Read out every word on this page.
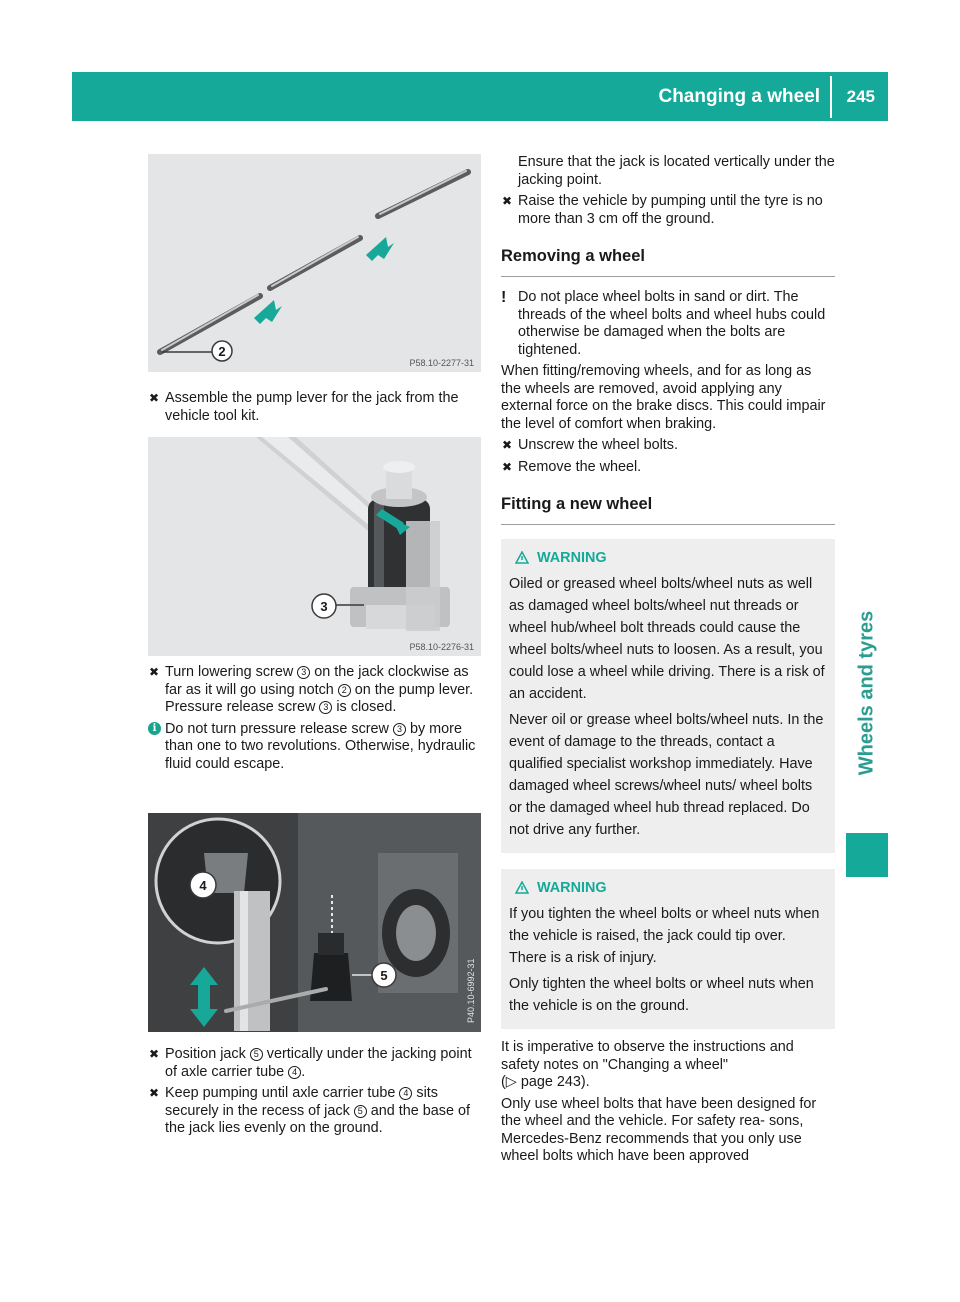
Changing a wheel 245
Wheels and tyres
2
P58.10-2277-31
✖ Assemble the pump lever for the jack from the vehicle tool kit.
3
P58.10-2276-31
✖ Turn lowering screw 3 on the jack clockwise as far as it will go using notch 2 on the pump lever.
Pressure release screw 3 is closed.
i Do not turn pressure release screw 3 by more than one to two revolutions. Otherwise, hydraulic fluid could escape.
4
5	P40.10-6992-31
✖ Position jack 5 vertically under the jacking point of axle carrier tube 4 .
✖ Keep pumping until axle carrier tube 4 sits securely in the recess of jack 5 and the base of the jack lies evenly on the ground.
Ensure that the jack is located vertically under the jacking point.
✖ Raise the vehicle by pumping until the tyre is no more than 3 cm off the ground.
Removing a wheel
! Do not place wheel bolts in sand or dirt. The threads of the wheel bolts and wheel hubs could otherwise be damaged when the bolts are tightened.
When fitting/removing wheels, and for as long as the wheels are removed, avoid applying any external force on the brake discs. This could impair the level of comfort when braking.
✖ Unscrew the wheel bolts.
✖ Remove the wheel.
Fitting a new wheel
WARNING

Oiled or greased wheel bolts/wheel nuts as well as damaged wheel bolts/wheel nut threads or wheel hub/wheel bolt threads could cause the wheel bolts/wheel nuts to loosen. As a result, you could lose a wheel while driving. There is a risk of an accident.

Never oil or grease wheel bolts/wheel nuts. In the event of damage to the threads, contact a qualified specialist workshop immediately. Have damaged wheel screws/wheel nuts/ wheel bolts or the damaged wheel hub thread replaced. Do not drive any further.

WARNING

If you tighten the wheel bolts or wheel nuts when the vehicle is raised, the jack could tip over. There is a risk of injury.

Only tighten the wheel bolts or wheel nuts when the vehicle is on the ground.

It is imperative to observe the instructions and safety notes on "Changing a wheel"
(▷ page 243).
Only use wheel bolts that have been designed for the wheel and the vehicle. For safety rea- sons, Mercedes-Benz recommends that you only use wheel bolts which have been approved
